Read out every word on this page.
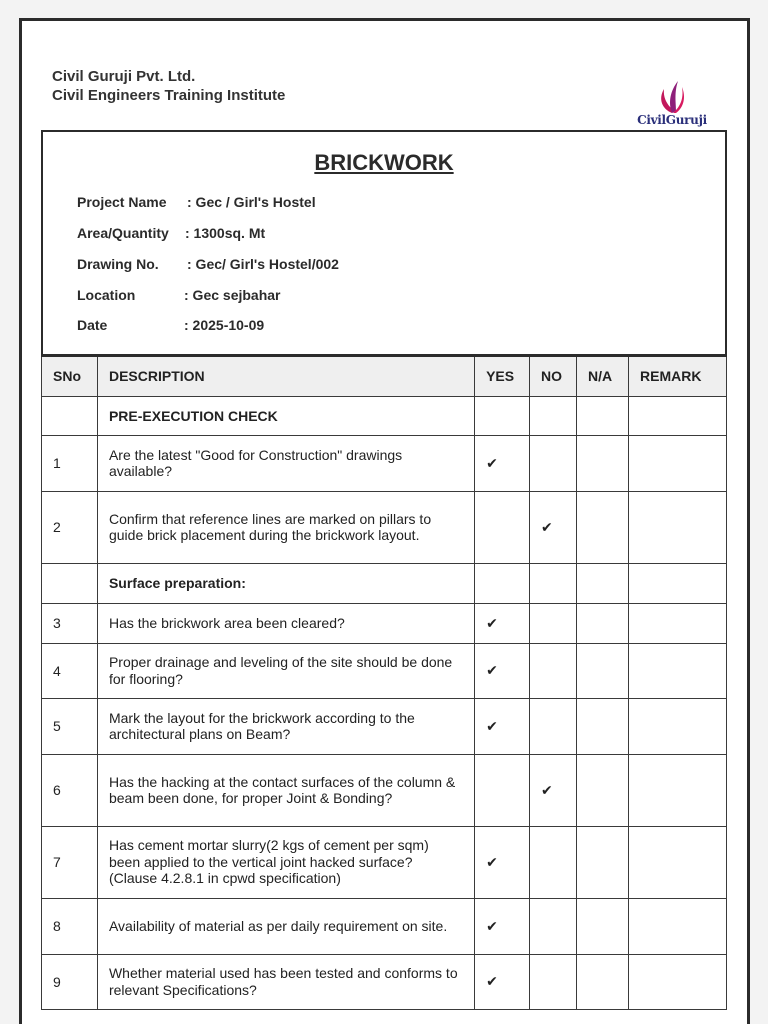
Civil Guruji Pvt. Ltd.
Civil Engineers Training Institute
CivilGuruji
BRICKWORK
Project Name : Gec / Girl's Hostel
Area/Quantity : 1300sq. Mt
Drawing No. : Gec/ Girl's Hostel/002
Location	: Gec sejbahar
Date	: 2025-10-09
SNo	DESCRIPTION	YES	NO	N/A	REMARK
	PRE-EXECUTION CHECK				
1	Are the latest "Good for Construction" drawings available?	✔			
2	Confirm that reference lines are marked on pillars to guide brick placement during the brickwork layout.		✔		
	Surface preparation:				
3	Has the brickwork area been cleared?	✔			
4	Proper drainage and leveling of the site should be done for flooring?	✔			
5	Mark the layout for the brickwork according to the architectural plans on Beam?	✔			
6	Has the hacking at the contact surfaces of the column & beam been done, for proper Joint & Bonding?		✔		
7	Has cement mortar slurry(2 kgs of cement per sqm) been applied to the vertical joint hacked surface? (Clause 4.2.8.1 in cpwd specification)	✔			
8	Availability of material as per daily requirement on site.	✔			
9	Whether material used has been tested and conforms to relevant Specifications?	✔			
